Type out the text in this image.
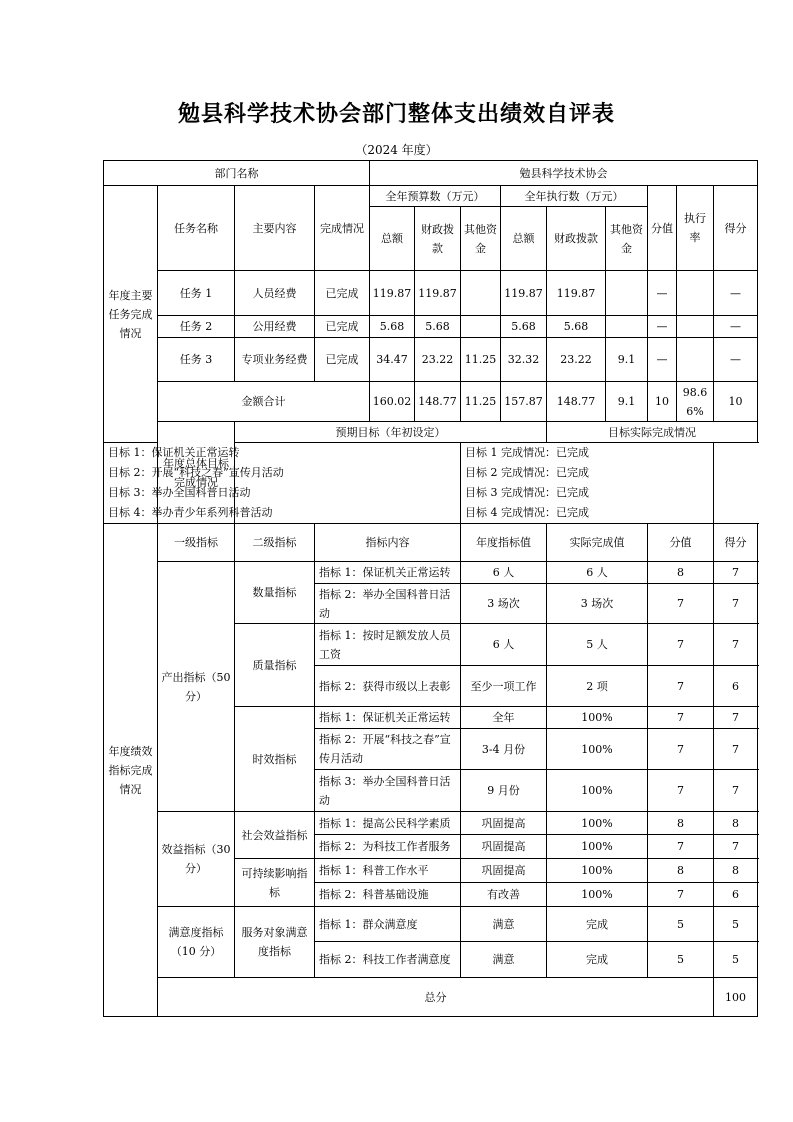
勉县科学技术协会部门整体支出绩效自评表
（2024 年度）
部门名称				勉县科学技术协会									
年度主要任务完成情况	任务名称	主要内容	完成情况	全年预算数（万元）			全年执行数（万元）			分值	执行率	得分	
				总额	财政拨款	其他资金	总额	财政拨款	其他资金				
	任务 1	人员经费	已完成	119.87	119.87		119.87	119.87		—		—	
	任务 2	公用经费	已完成	5.68	5.68		5.68	5.68		—		—	
	任务 3	专项业务经费	已完成	34.47	23.22	11.25	32.32	23.22	9.1	—		—	
	金额合计			160.02	148.77	11.25	157.87	148.77	9.1	10	98.66%	10	
	年度总体目标完成情况	预期目标（年初设定）						目标实际完成情况					
目标 1：保证机关正常运转						目标 1 完成情况：已完成							
目标 2：开展“科技之春”宣传月活动						目标 2 完成情况：已完成							
目标 3：举办全国科普日活动						目标 3 完成情况：已完成							
目标 4：举办青少年系列科普活动						目标 4 完成情况：已完成							
年度绩效指标完成情况	一级指标	二级指标	指标内容			年度指标值		实际完成值		分值		得分	
	产出指标（50 分）	数量指标	指标 1：保证机关正常运转			6 人		6 人		8		7	
			指标 2：举办全国科普日活动			3 场次		3 场次		7		7	
		质量指标	指标 1：按时足额发放人员工资			6 人		5 人		7		7	
			指标 2：获得市级以上表彰			至少一项工作		2 项		7		6	
		时效指标	指标 1：保证机关正常运转			全年		100%		7		7	
			指标 2：开展“科技之春”宣传月活动			3-4 月份		100%		7		7	
			指标 3：举办全国科普日活动			9 月份		100%		7		7	
	效益指标（30 分）	社会效益指标	指标 1：提高公民科学素质			巩固提高		100%		8		8	
			指标 2：为科技工作者服务			巩固提高		100%		7		7	
		可持续影响指标	指标 1：科普工作水平			巩固提高		100%		8		8	
			指标 2：科普基础设施			有改善		100%		7		6	
	满意度指标（10 分）	服务对象满意度指标	指标 1：群众满意度			满意		完成		5		5	
			指标 2：科技工作者满意度			满意		完成		5		5	
	总分											100	
